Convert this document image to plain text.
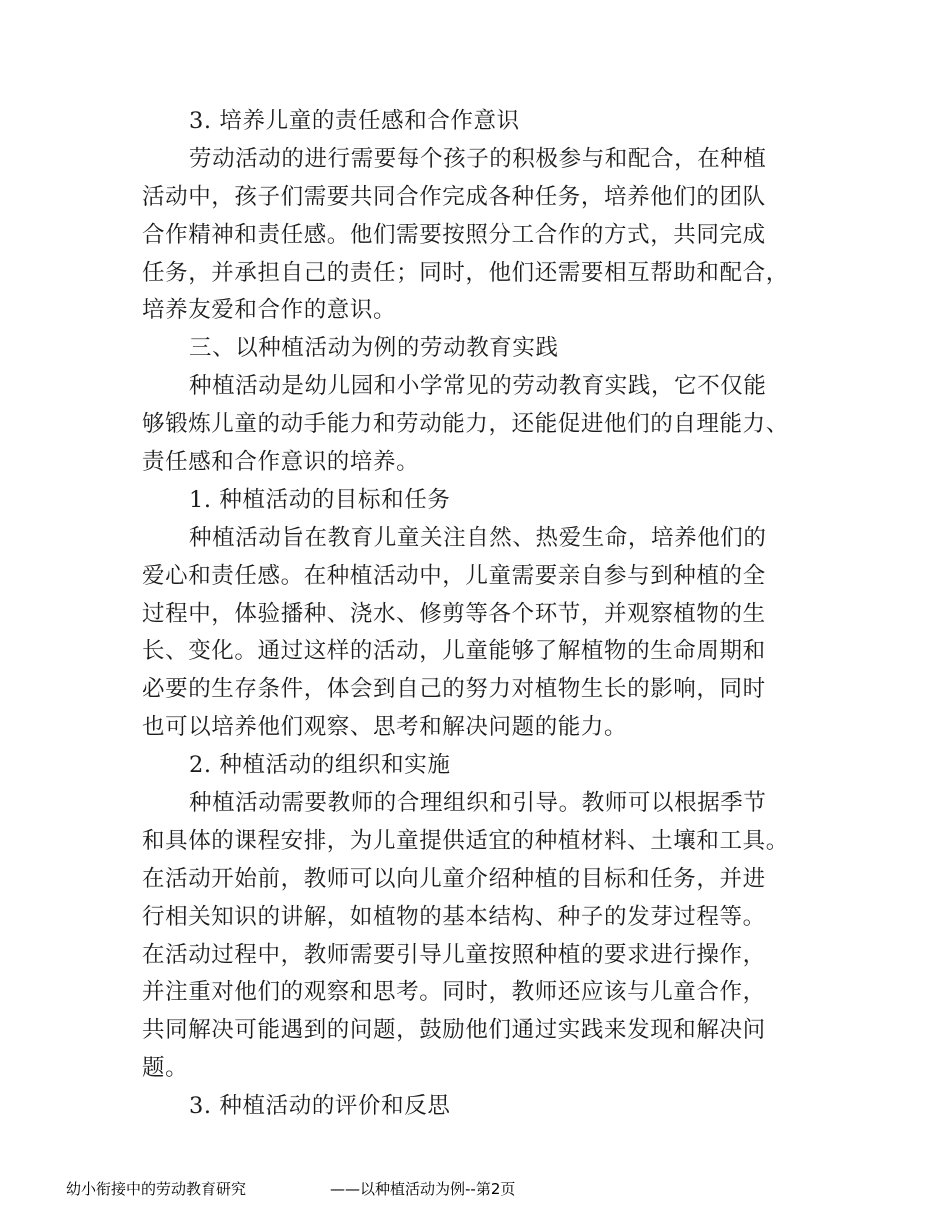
3. 培养儿童的责任感和合作意识
劳动活动的进行需要每个孩子的积极参与和配合，在种植
活动中，孩子们需要共同合作完成各种任务，培养他们的团队
合作精神和责任感。他们需要按照分工合作的方式，共同完成
任务，并承担自己的责任；同时，他们还需要相互帮助和配合，
培养友爱和合作的意识。
三、以种植活动为例的劳动教育实践
种植活动是幼儿园和小学常见的劳动教育实践，它不仅能
够锻炼儿童的动手能力和劳动能力，还能促进他们的自理能力、
责任感和合作意识的培养。
1. 种植活动的目标和任务
种植活动旨在教育儿童关注自然、热爱生命，培养他们的
爱心和责任感。在种植活动中，儿童需要亲自参与到种植的全
过程中，体验播种、浇水、修剪等各个环节，并观察植物的生
长、变化。通过这样的活动，儿童能够了解植物的生命周期和
必要的生存条件，体会到自己的努力对植物生长的影响，同时
也可以培养他们观察、思考和解决问题的能力。
2. 种植活动的组织和实施
种植活动需要教师的合理组织和引导。教师可以根据季节
和具体的课程安排，为儿童提供适宜的种植材料、土壤和工具。
在活动开始前，教师可以向儿童介绍种植的目标和任务，并进
行相关知识的讲解，如植物的基本结构、种子的发芽过程等。
在活动过程中，教师需要引导儿童按照种植的要求进行操作，
并注重对他们的观察和思考。同时，教师还应该与儿童合作，
共同解决可能遇到的问题，鼓励他们通过实践来发现和解决问
题。
3. 种植活动的评价和反思
幼小衔接中的劳动教育研究	——以种植活动为例--第2页
